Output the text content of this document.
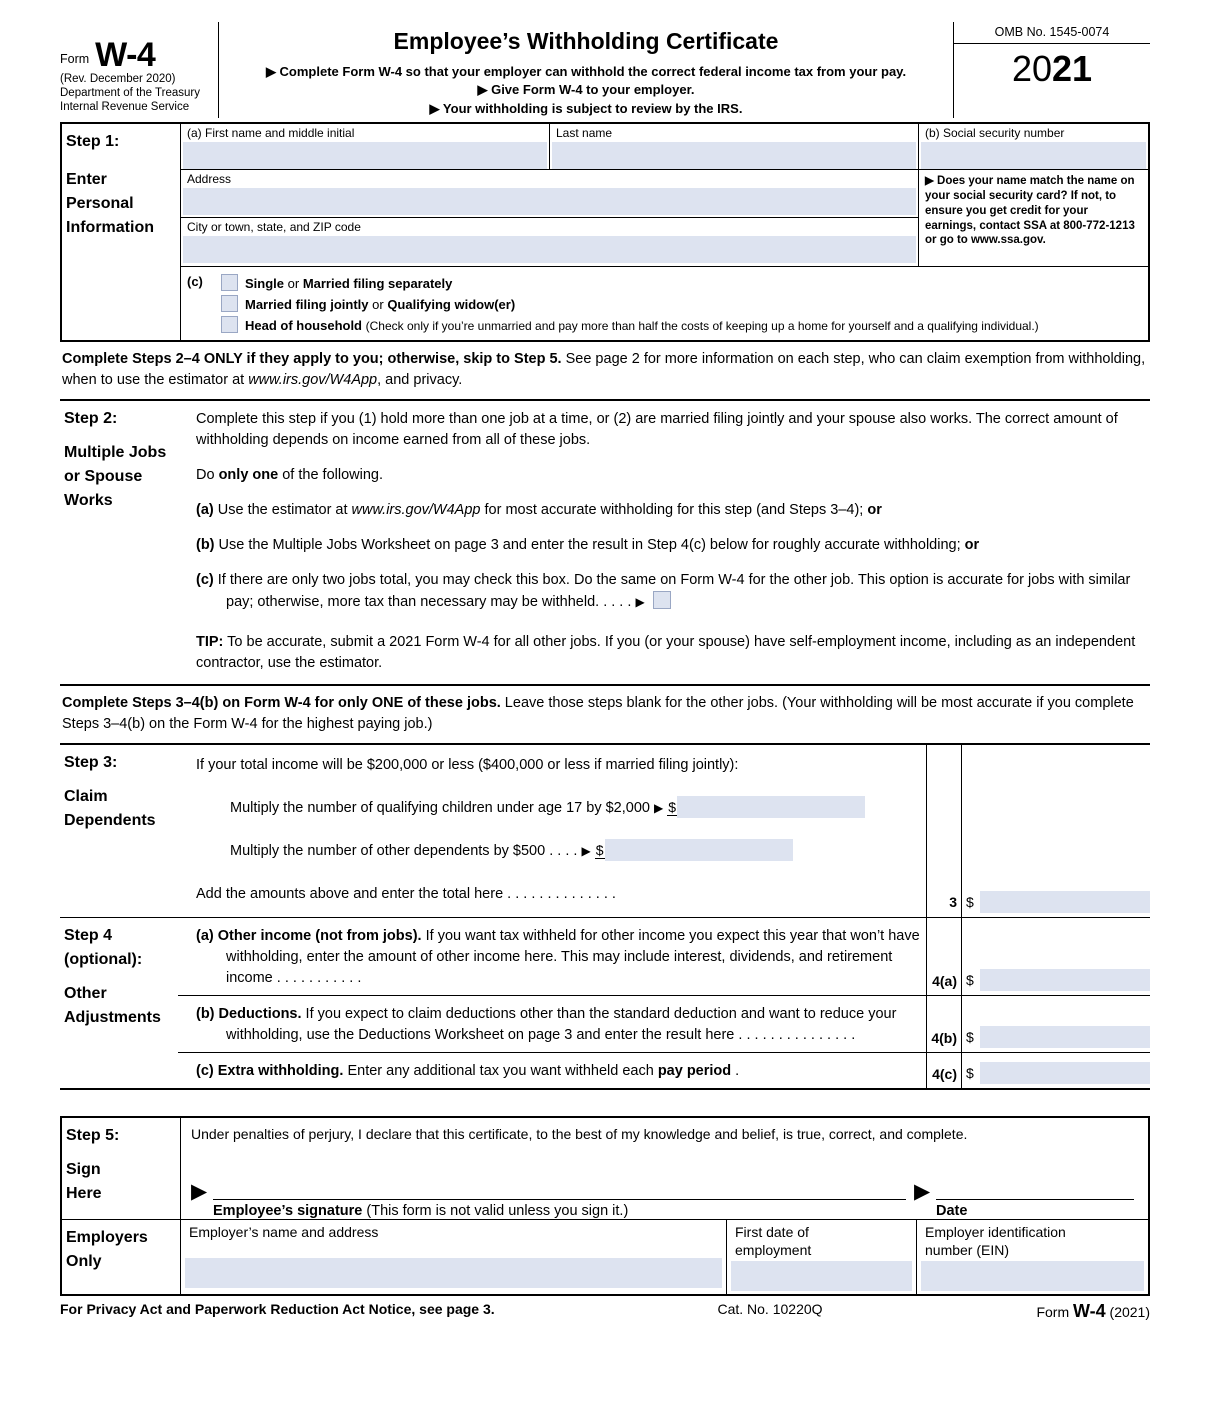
Form W-4
(Rev. December 2020)
Department of the Treasury
Internal Revenue Service
Employee’s Withholding Certificate
▶ Complete Form W-4 so that your employer can withhold the correct federal income tax from your pay.
▶ Give Form W-4 to your employer.
▶ Your withholding is subject to review by the IRS.
OMB No. 1545-0074
2021
Step 1:
Enter
Personal
Information
(a) First name and middle initial	Last name	(b) Social security number
Address
City or town, state, and ZIP code
▶ Does your name match the name on your social security card? If not, to ensure you get credit for your earnings, contact SSA at 800-772-1213 or go to www.ssa.gov.
(c)	Single or Married filing separately
Married filing jointly or Qualifying widow(er)
Head of household (Check only if you’re unmarried and pay more than half the costs of keeping up a home for yourself and a qualifying individual.)
Complete Steps 2–4 ONLY if they apply to you; otherwise, skip to Step 5. See page 2 for more information on each step, who can claim exemption from withholding, when to use the estimator at www.irs.gov/W4App, and privacy.
Step 2:
Multiple Jobs
or Spouse
Works

Complete this step if you (1) hold more than one job at a time, or (2) are married filing jointly and your spouse also works. The correct amount of withholding depends on income earned from all of these jobs.

Do only one of the following.

(a) Use the estimator at www.irs.gov/W4App for most accurate withholding for this step (and Steps 3–4); or

(b) Use the Multiple Jobs Worksheet on page 3 and enter the result in Step 4(c) below for roughly accurate withholding; or

(c) If there are only two jobs total, you may check this box. Do the same on Form W-4 for the other job. This option is accurate for jobs with similar pay; otherwise, more tax than necessary may be withheld. . . . . ▶

TIP: To be accurate, submit a 2021 Form W-4 for all other jobs. If you (or your spouse) have self-employment income, including as an independent contractor, use the estimator.

Complete Steps 3–4(b) on Form W-4 for only ONE of these jobs. Leave those steps blank for the other jobs. (Your withholding will be most accurate if you complete Steps 3–4(b) on the Form W-4 for the highest paying job.)
Step 3:
Claim
Dependents

If your total income will be $200,000 or less ($400,000 or less if married filing jointly):

Multiply the number of qualifying children under age 17 by $2,000 ▶ $

Multiply the number of other dependents by $500 . . . . ▶ $

Add the amounts above and enter the total here . . . . . . . . . . . . . .	3 $
Step 4
(optional):
Other
Adjustments

(a) Other income (not from jobs). If you want tax withheld for other income you expect this year that won’t have withholding, enter the amount of other income here. This may include interest, dividends, and retirement income . . . . . . . . . . .	4(a) $

(b) Deductions. If you expect to claim deductions other than the standard deduction and want to reduce your withholding, use the Deductions Worksheet on page 3 and enter the result here . . . . . . . . . . . . . . .	4(b) $

(c) Extra withholding. Enter any additional tax you want withheld each pay period .	4(c) $
Step 5:
Sign
Here
Under penalties of perjury, I declare that this certificate, to the best of my knowledge and belief, is true, correct, and complete.
▶
Employee’s signature (This form is not valid unless you sign it.)
▶
Date
Employers
Only
Employer’s name and address	First date of
employment
Employer identification
number (EIN)
For Privacy Act and Paperwork Reduction Act Notice, see page 3.	Cat. No. 10220Q	Form W-4 (2021)
